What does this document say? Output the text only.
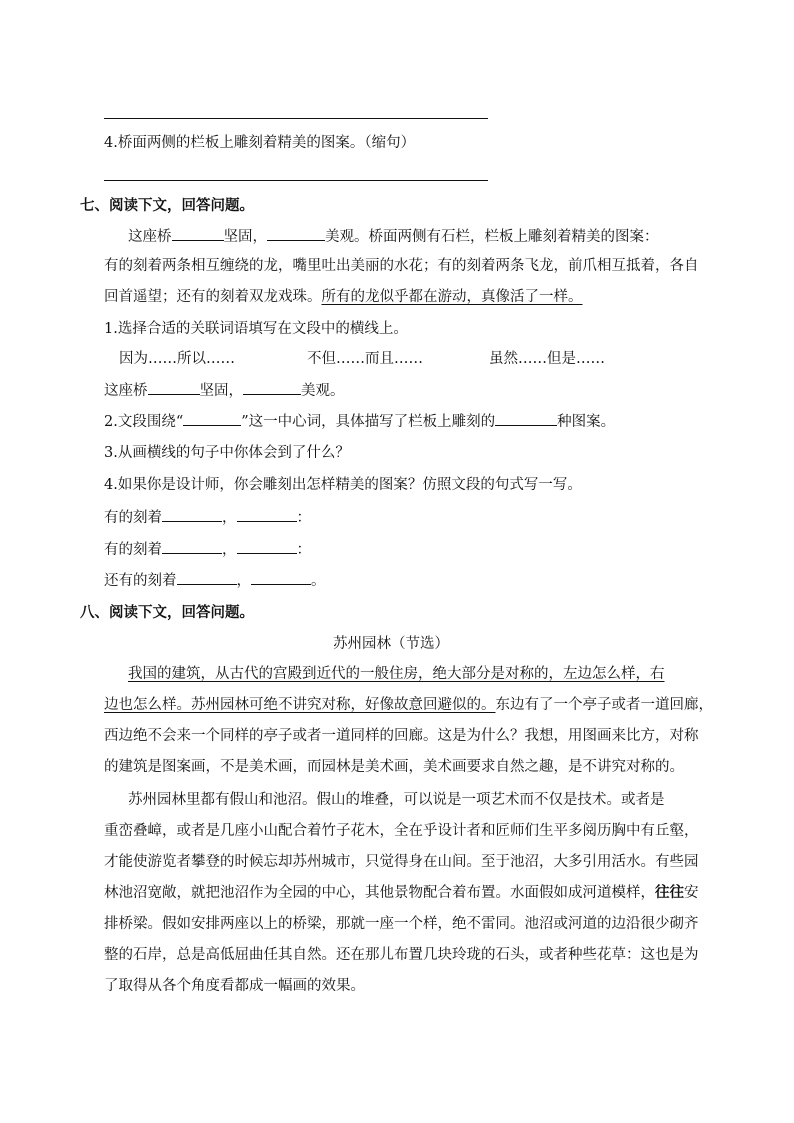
4.桥面两侧的栏板上雕刻着精美的图案。（缩句）
七、阅读下文，回答问题。
这座桥	坚固，	美观。桥面两侧有石栏，栏板上雕刻着精美的图案：
有的刻着两条相互缠绕的龙，嘴里吐出美丽的水花；有的刻着两条飞龙，前爪相互抵着，各自
回首遥望；还有的刻着双龙戏珠。所有的龙似乎都在游动，真像活了一样。
1.选择合适的关联词语填写在文段中的横线上。
因为……所以……	不但……而且……	虽然……但是……
这座桥	坚固，	美观。
2.文段围绕“	”这一中心词，具体描写了栏板上雕刻的	种图案。
3.从画横线的句子中你体会到了什么？
4.如果你是设计师，你会雕刻出怎样精美的图案？仿照文段的句式写一写。
有的刻着	，	：
有的刻着	，	：
还有的刻着	，	。
八、阅读下文，回答问题。
苏州园林（节选）
我国的建筑，从古代的宫殿到近代的一般住房，绝大部分是对称的，左边怎么样，右
边也怎么样。苏州园林可绝不讲究对称，好像故意回避似的。东边有了一个亭子或者一道回廊，
西边绝不会来一个同样的亭子或者一道同样的回廊。这是为什么？我想，用图画来比方，对称
的建筑是图案画，不是美术画，而园林是美术画，美术画要求自然之趣，是不讲究对称的。
苏州园林里都有假山和池沼。假山的堆叠，可以说是一项艺术而不仅是技术。或者是
重峦叠嶂，或者是几座小山配合着竹子花木，全在乎设计者和匠师们生平多阅历胸中有丘壑，
才能使游览者攀登的时候忘却苏州城市，只觉得身在山间。至于池沼，大多引用活水。有些园
林池沼宽敞，就把池沼作为全园的中心，其他景物配合着布置。水面假如成河道模样，往往安
排桥梁。假如安排两座以上的桥梁，那就一座一个样，绝不雷同。池沼或河道的边沿很少砌齐
整的石岸，总是高低屈曲任其自然。还在那儿布置几块玲珑的石头，或者种些花草：这也是为
了取得从各个角度看都成一幅画的效果。
